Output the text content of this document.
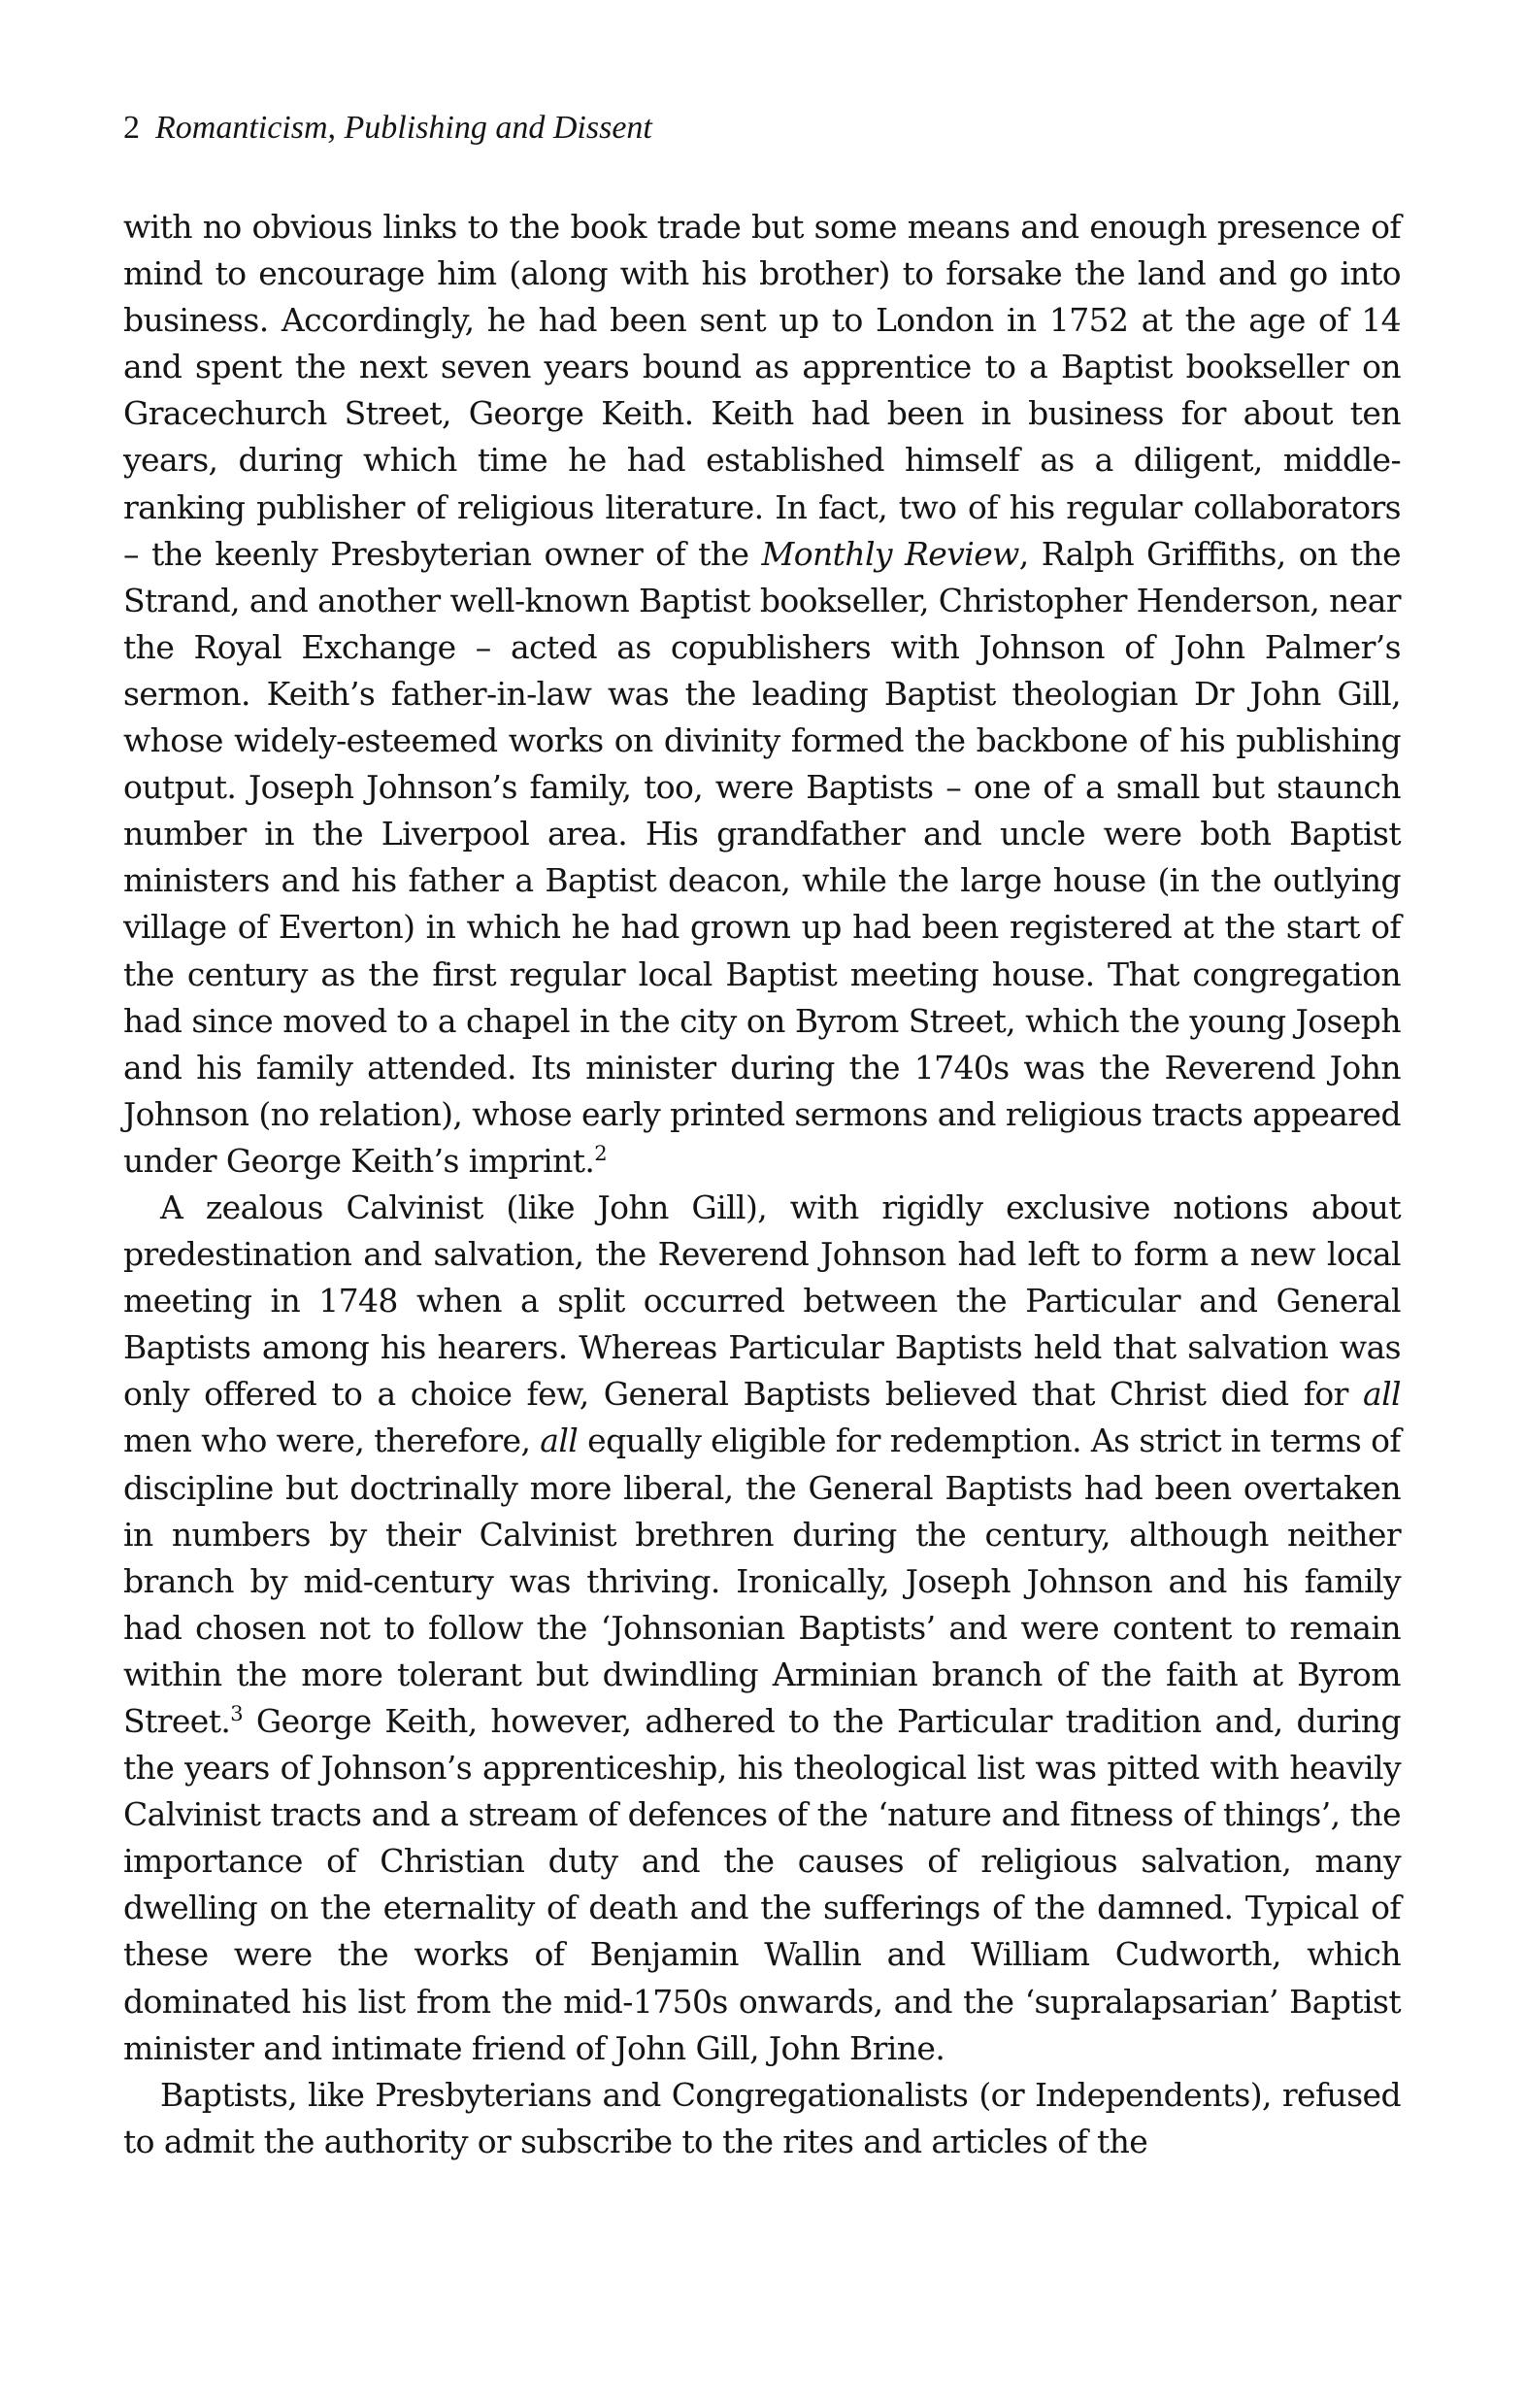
2 Romanticism, Publishing and Dissent

with no obvious links to the book trade but some means and enough presence of mind to encourage him (along with his brother) to forsake the land and go into business. Accordingly, he had been sent up to London in 1752 at the age of 14 and spent the next seven years bound as apprentice to a Baptist bookseller on Gracechurch Street, George Keith. Keith had been in business for about ten years, during which time he had established himself as a diligent, middle-ranking publisher of religious literature. In fact, two of his regular collaborators – the keenly Presbyterian owner of the Monthly Review, Ralph Griffiths, on the Strand, and another well-known Baptist bookseller, Christopher Henderson, near the Royal Exchange – acted as copublishers with Johnson of John Palmer’s sermon. Keith’s father-in-law was the leading Baptist theologian Dr John Gill, whose widely-esteemed works on divinity formed the backbone of his publishing output. Joseph Johnson’s family, too, were Baptists – one of a small but staunch number in the Liverpool area. His grandfather and uncle were both Baptist ministers and his father a Baptist deacon, while the large house (in the outlying village of Everton) in which he had grown up had been registered at the start of the century as the first regular local Baptist meeting house. That congregation had since moved to a chapel in the city on Byrom Street, which the young Joseph and his family attended. Its minister during the 1740s was the Reverend John Johnson (no relation), whose early printed sermons and religious tracts appeared under George Keith’s imprint.$^2$

A zealous Calvinist (like John Gill), with rigidly exclusive notions about predestination and salvation, the Reverend Johnson had left to form a new local meeting in 1748 when a split occurred between the Particular and General Baptists among his hearers. Whereas Particular Baptists held that salvation was only offered to a choice few, General Baptists believed that Christ died for all men who were, therefore, all equally eligible for redemption. As strict in terms of discipline but doctrinally more liberal, the General Baptists had been overtaken in numbers by their Calvinist brethren during the century, although neither branch by mid-century was thriving. Ironically, Joseph Johnson and his family had chosen not to follow the ‘Johnsonian Baptists’ and were content to remain within the more tolerant but dwindling Arminian branch of the faith at Byrom Street.$^3$ George Keith, however, adhered to the Particular tradition and, during the years of Johnson’s apprenticeship, his theological list was pitted with heavily Calvinist tracts and a stream of defences of the ‘nature and fitness of things’, the importance of Christian duty and the causes of religious salvation, many dwelling on the eternality of death and the sufferings of the damned. Typical of these were the works of Benjamin Wallin and William Cudworth, which dominated his list from the mid-1750s onwards, and the ‘supralapsarian’ Baptist minister and intimate friend of John Gill, John Brine.

Baptists, like Presbyterians and Congregationalists (or Independents), refused to admit the authority or subscribe to the rites and articles of the
